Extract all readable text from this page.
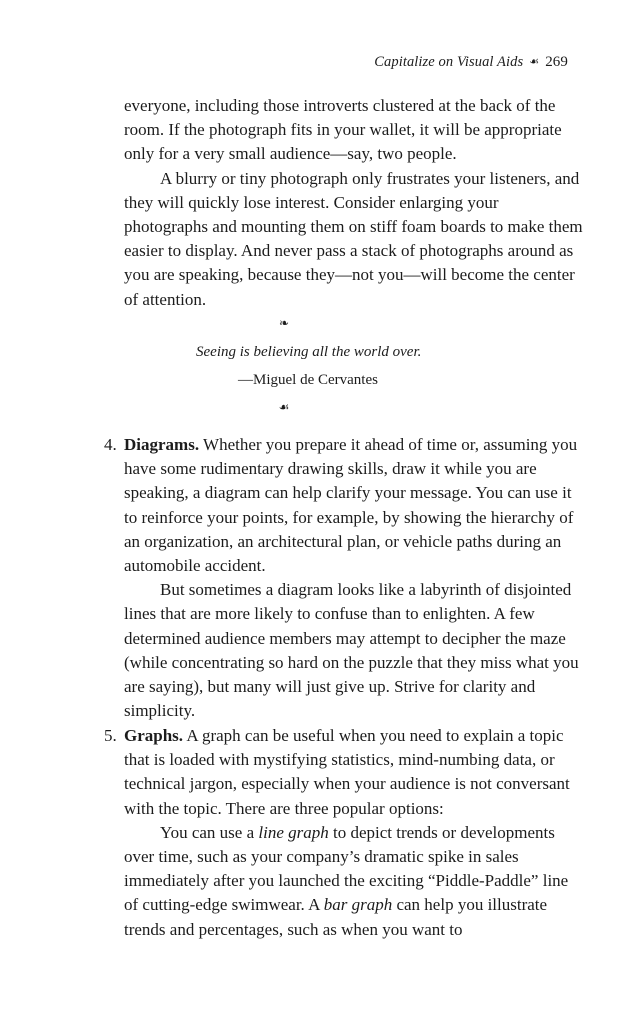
Capitalize on Visual Aids ☙ 269

everyone, including those introverts clustered at the back of the room. If the photograph fits in your wallet, it will be appropriate only for a very small audience—say, two people.

A blurry or tiny photograph only frustrates your listeners, and they will quickly lose interest. Consider enlarging your photographs and mounting them on stiff foam boards to make them easier to display. And never pass a stack of photographs around as you are speaking, because they—not you—will become the center of attention.

❧
Seeing is believing all the world over.
—Miguel de Cervantes
☙
4. Diagrams. Whether you prepare it ahead of time or, assuming you have some rudimentary drawing skills, draw it while you are speaking, a diagram can help clarify your message. You can use it to reinforce your points, for example, by showing the hierarchy of an organization, an architectural plan, or vehicle paths during an automobile accident.

But sometimes a diagram looks like a labyrinth of disjointed lines that are more likely to confuse than to enlighten. A few determined audience members may attempt to decipher the maze (while concentrating so hard on the puzzle that they miss what you are saying), but many will just give up. Strive for clarity and simplicity.

5. Graphs. A graph can be useful when you need to explain a topic that is loaded with mystifying statistics, mind-numbing data, or technical jargon, especially when your audience is not conversant with the topic. There are three popular options:

You can use a line graph to depict trends or developments over time, such as your company’s dramatic spike in sales immediately after you launched the exciting “Piddle-Paddle” line of cutting-edge swimwear. A bar graph can help you illustrate trends and percentages, such as when you want to
